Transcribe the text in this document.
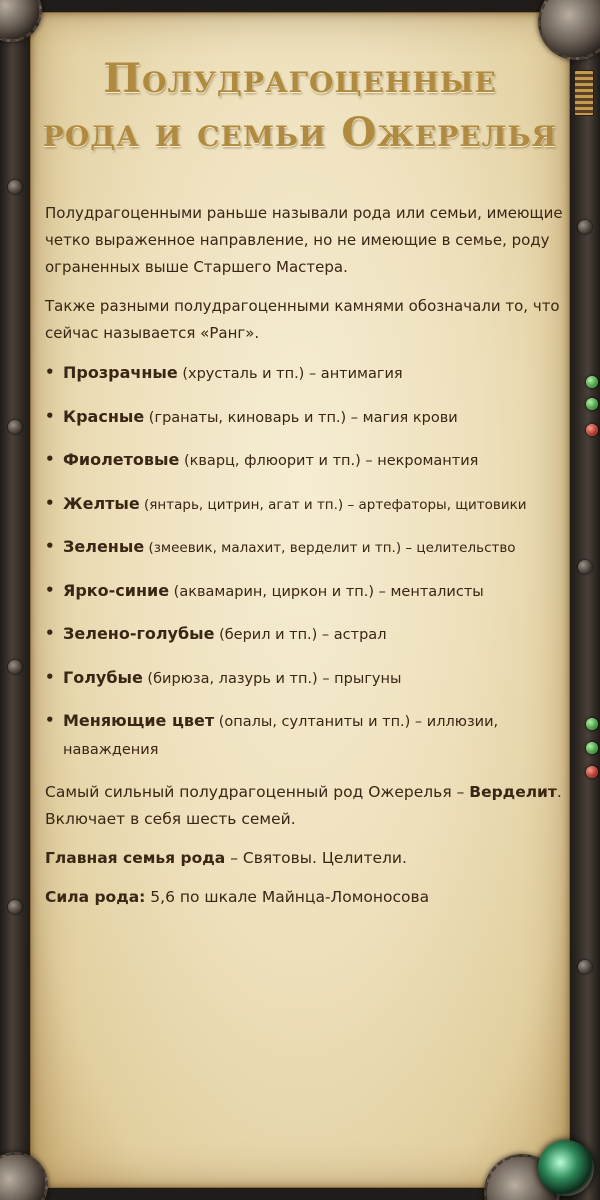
Полудрагоценные
рода и семьи Ожерелья

Полудрагоценными раньше называли рода или семьи, имеющие четко выраженное направление, но не имеющие в семье, роду ограненных выше Старшего Мастера.

Также разными полудрагоценными камнями обозначали то, что сейчас называется «Ранг».

• Прозрачные (хрусталь и тп.) – антимагия
• Красные (гранаты, киноварь и тп.) – магия крови
• Фиолетовые (кварц, флюорит и тп.) – некромантия
• Желтые (янтарь, цитрин, агат и тп.) – артефаторы, щитовики
• Зеленые (змеевик, малахит, верделит и тп.) – целительство
• Ярко-синие (аквамарин, циркон и тп.) – менталисты
• Зелено-голубые (берил и тп.) – астрал
• Голубые (бирюза, лазурь и тп.) – прыгуны
• Меняющие цвет (опалы, султаниты и тп.) – иллюзии, наваждения

Самый сильный полудрагоценный род Ожерелья – Верделит. Включает в себя шесть семей.

Главная семья рода – Святовы. Целители.

Сила рода: 5,6 по шкале Майнца-Ломоносова
